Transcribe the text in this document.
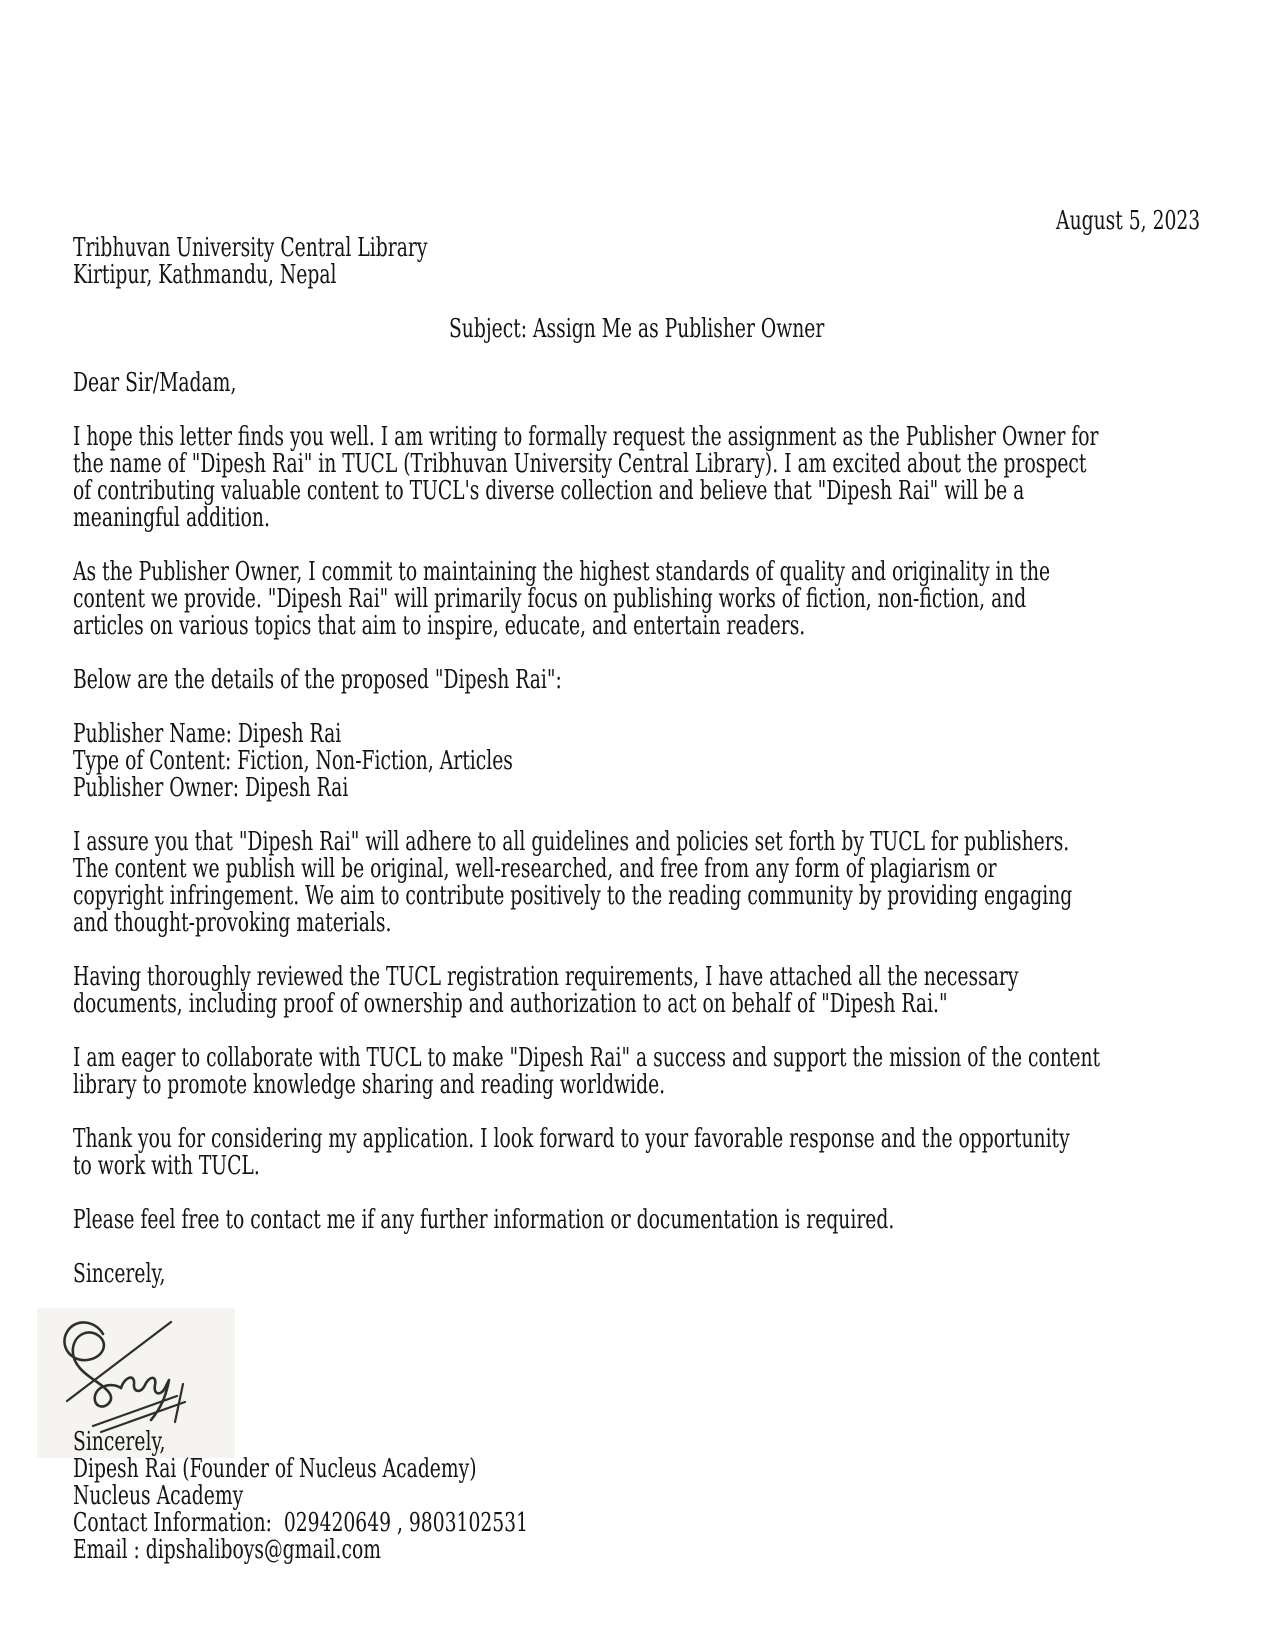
August 5, 2023
Tribhuvan University Central Library
Kirtipur, Kathmandu, Nepal
Subject: Assign Me as Publisher Owner
Dear Sir/Madam,
I hope this letter finds you well. I am writing to formally request the assignment as the Publisher Owner for
the name of "Dipesh Rai" in TUCL (Tribhuvan University Central Library). I am excited about the prospect
of contributing valuable content to TUCL's diverse collection and believe that "Dipesh Rai" will be a
meaningful addition.
As the Publisher Owner, I commit to maintaining the highest standards of quality and originality in the
content we provide. "Dipesh Rai" will primarily focus on publishing works of fiction, non-fiction, and
articles on various topics that aim to inspire, educate, and entertain readers.
Below are the details of the proposed "Dipesh Rai":
Publisher Name: Dipesh Rai
Type of Content: Fiction, Non-Fiction, Articles
Publisher Owner: Dipesh Rai
I assure you that "Dipesh Rai" will adhere to all guidelines and policies set forth by TUCL for publishers.
The content we publish will be original, well-researched, and free from any form of plagiarism or
copyright infringement. We aim to contribute positively to the reading community by providing engaging
and thought-provoking materials.
Having thoroughly reviewed the TUCL registration requirements, I have attached all the necessary
documents, including proof of ownership and authorization to act on behalf of "Dipesh Rai."
I am eager to collaborate with TUCL to make "Dipesh Rai" a success and support the mission of the content
library to promote knowledge sharing and reading worldwide.
Thank you for considering my application. I look forward to your favorable response and the opportunity
to work with TUCL.
Please feel free to contact me if any further information or documentation is required.
Sincerely,
Sincerely,
Dipesh Rai (Founder of Nucleus Academy)
Nucleus Academy
Contact Information:  029420649 , 9803102531
Email : dipshaliboys@gmail.com
